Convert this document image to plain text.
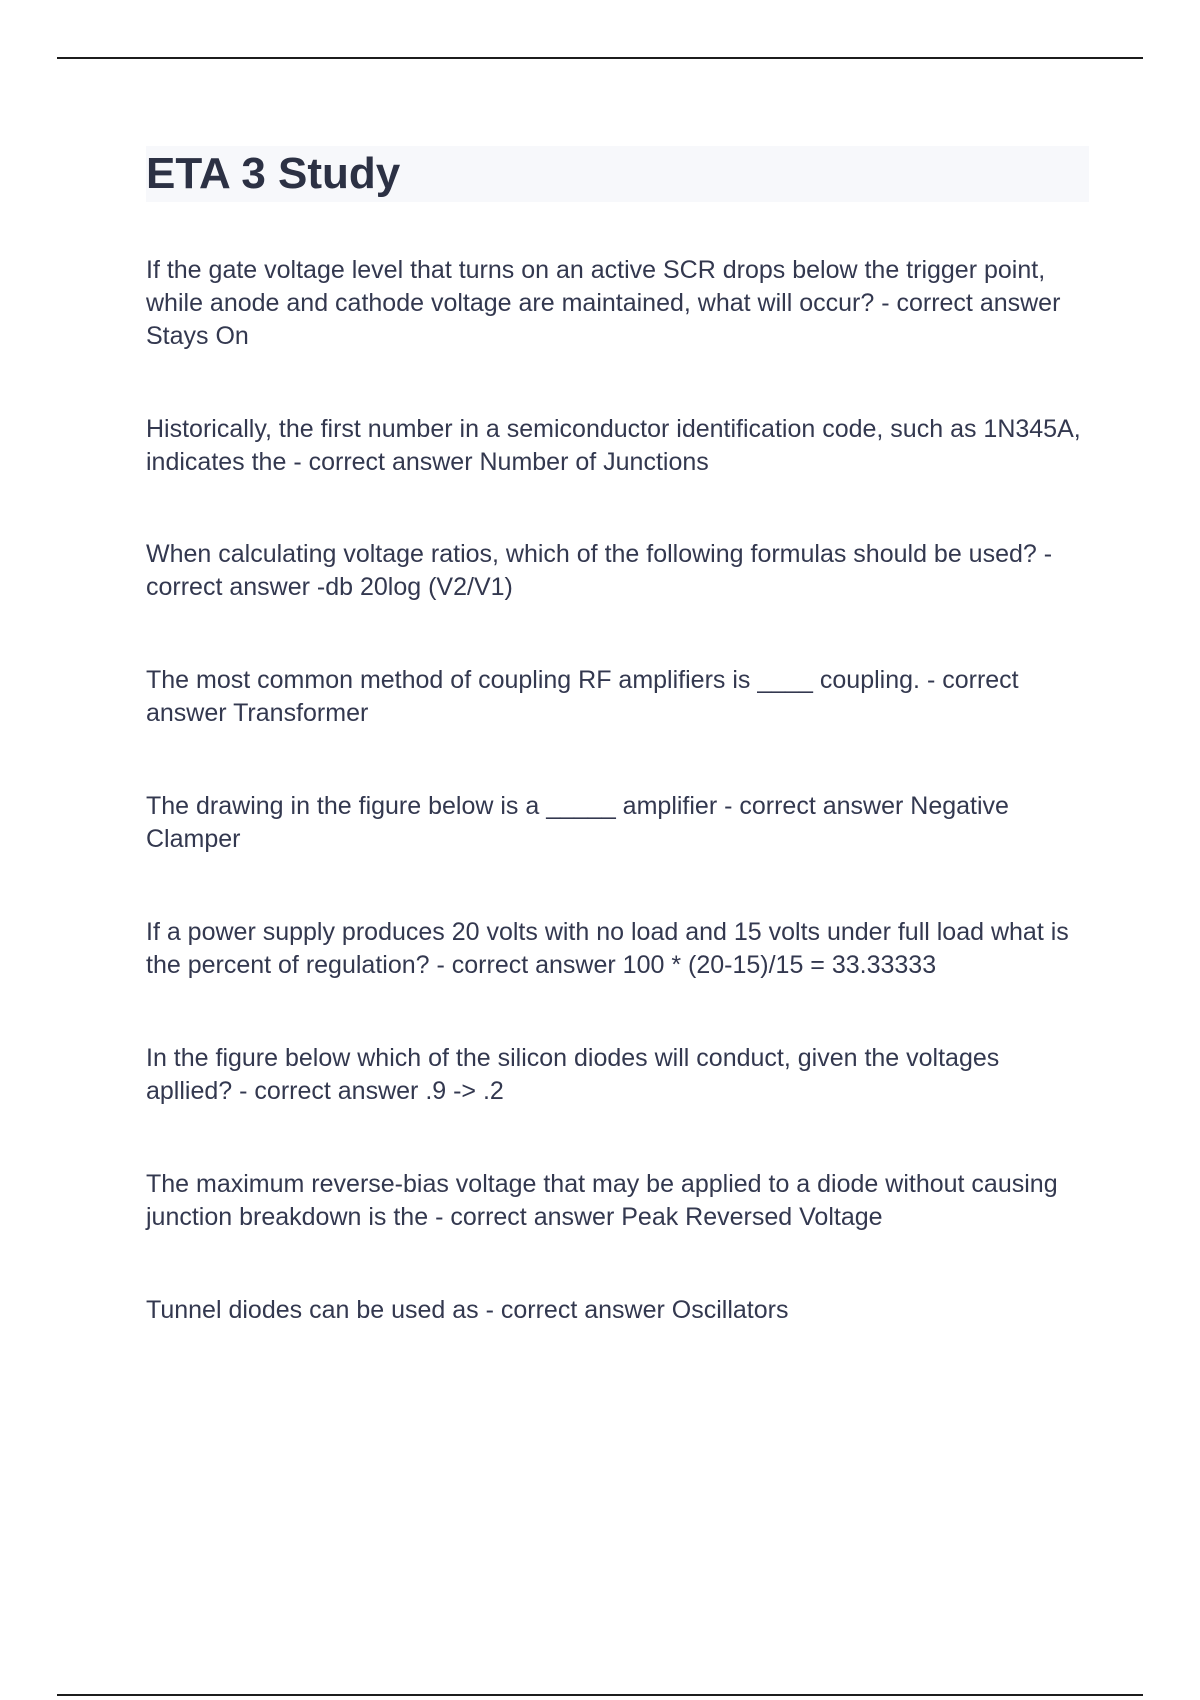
ETA 3 Study

If the gate voltage level that turns on an active SCR drops below the trigger point, while anode and cathode voltage are maintained, what will occur? - correct answer Stays On

Historically, the first number in a semiconductor identification code, such as 1N345A, indicates the - correct answer Number of Junctions

When calculating voltage ratios, which of the following formulas should be used? - correct answer -db 20log (V2/V1)

The most common method of coupling RF amplifiers is ____ coupling. - correct answer Transformer

The drawing in the figure below is a _____ amplifier - correct answer Negative Clamper

If a power supply produces 20 volts with no load and 15 volts under full load what is the percent of regulation? - correct answer 100 * (20-15)/15 = 33.33333

In the figure below which of the silicon diodes will conduct, given the voltages apllied? - correct answer .9 -> .2

The maximum reverse-bias voltage that may be applied to a diode without causing junction breakdown is the - correct answer Peak Reversed Voltage

Tunnel diodes can be used as - correct answer Oscillators
